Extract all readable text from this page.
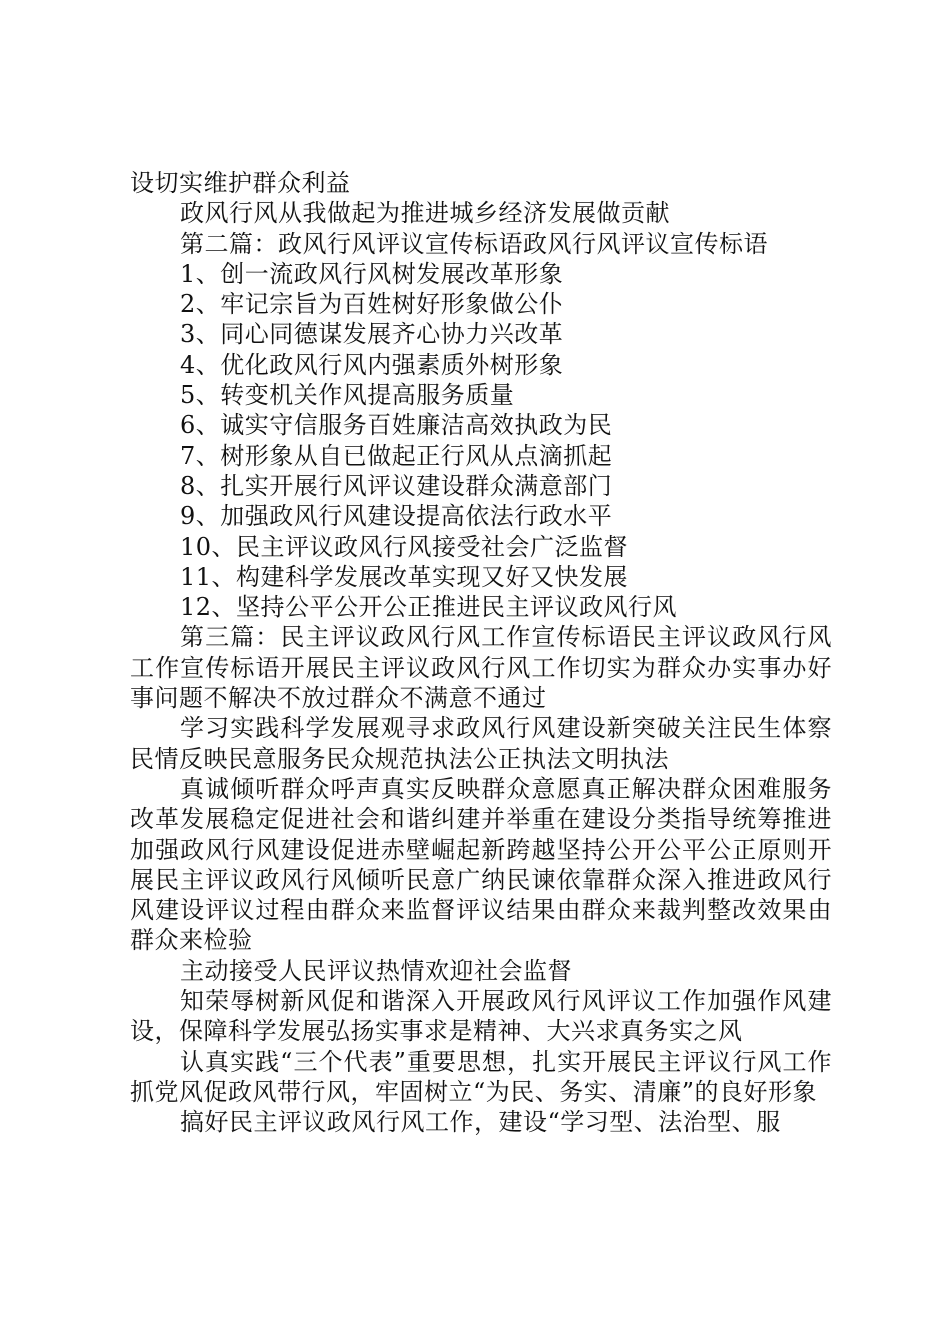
设切实维护群众利益

政风行风从我做起为推进城乡经济发展做贡献

第二篇：政风行风评议宣传标语政风行风评议宣传标语

1、创一流政风行风树发展改革形象

2、牢记宗旨为百姓树好形象做公仆

3、同心同德谋发展齐心协力兴改革

4、优化政风行风内强素质外树形象

5、转变机关作风提高服务质量

6、诚实守信服务百姓廉洁高效执政为民

7、树形象从自已做起正行风从点滴抓起

8、扎实开展行风评议建设群众满意部门

9、加强政风行风建设提高依法行政水平

10、民主评议政风行风接受社会广泛监督

11、构建科学发展改革实现又好又快发展

12、坚持公平公开公正推进民主评议政风行风

第三篇：民主评议政风行风工作宣传标语民主评议政风行风工作宣传标语开展民主评议政风行风工作切实为群众办实事办好事问题不解决不放过群众不满意不通过

学习实践科学发展观寻求政风行风建设新突破关注民生体察民情反映民意服务民众规范执法公正执法文明执法

真诚倾听群众呼声真实反映群众意愿真正解决群众困难服务改革发展稳定促进社会和谐纠建并举重在建设分类指导统筹推进加强政风行风建设促进赤壁崛起新跨越坚持公开公平公正原则开展民主评议政风行风倾听民意广纳民谏依靠群众深入推进政风行风建设评议过程由群众来监督评议结果由群众来裁判整改效果由群众来检验

主动接受人民评议热情欢迎社会监督

知荣辱树新风促和谐深入开展政风行风评议工作加强作风建设，保障科学发展弘扬实事求是精神、大兴求真务实之风

认真实践“三个代表”重要思想，扎实开展民主评议行风工作抓党风促政风带行风，牢固树立“为民、务实、清廉”的良好形象

搞好民主评议政风行风工作，建设“学习型、法治型、服
